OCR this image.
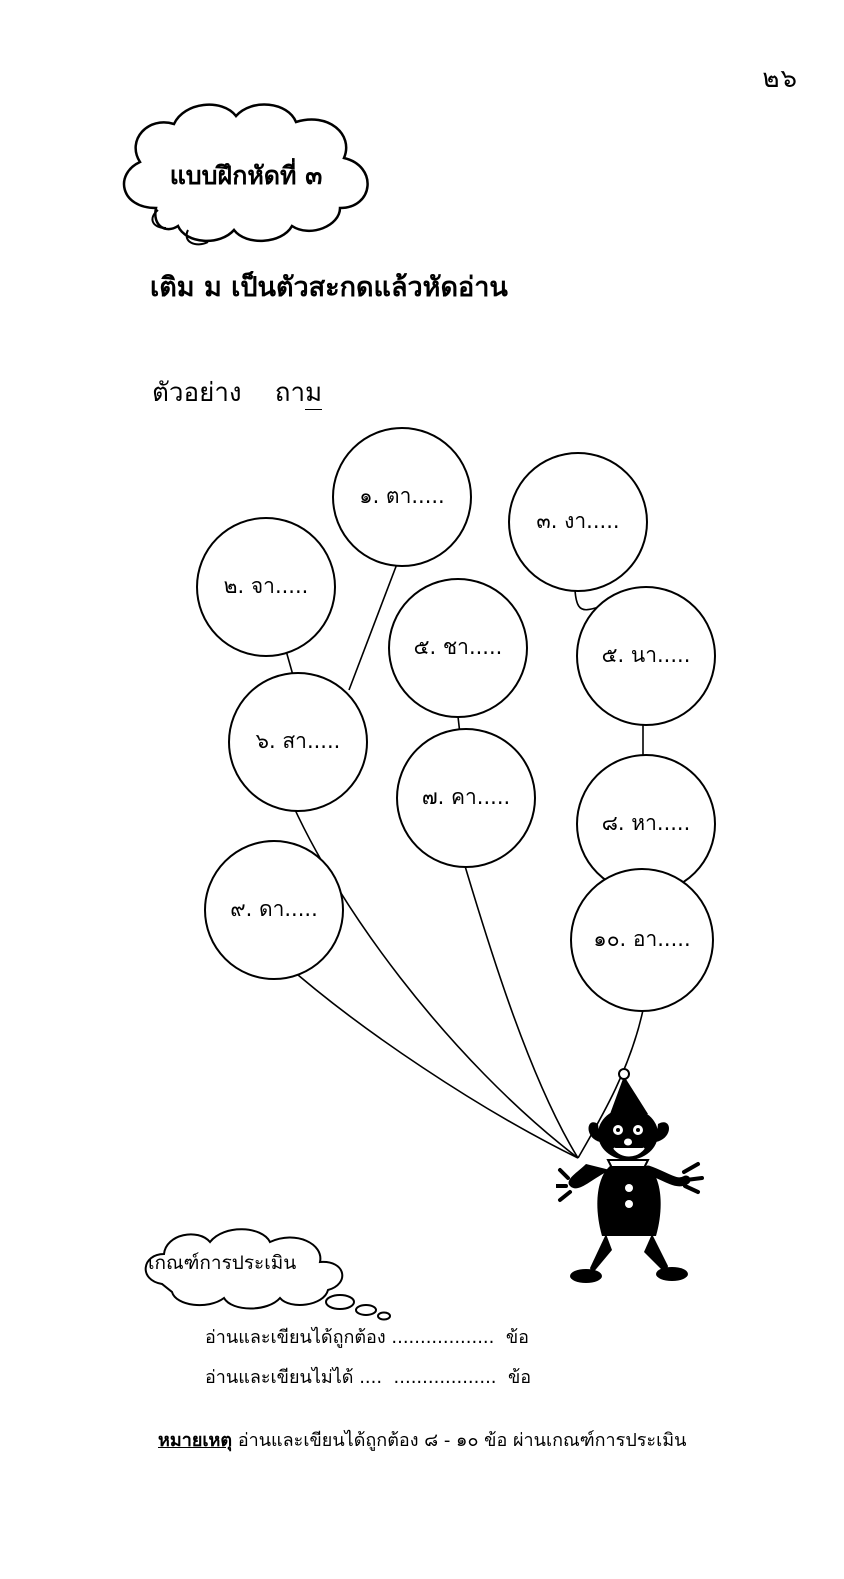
๒๖
แบบฝึกหัดที่ ๓
เติม ม เป็นตัวสะกดแล้วหัดอ่าน
ตัวอย่าง ถาม
๑. ตา.....
๒. จา.....
๓. งา.....
๕. ชา.....	๕. นา.....
๖. สา.....
๗. คา.....
๘. หา.....
๙. ดา.....
๑๐. อา.....
เกณฑ์การประเมิน
อ่านและเขียนได้ถูกต้อง ..................  ข้อ
อ่านและเขียนไม่ได้ ....  ..................  ข้อ
หมายเหตุ อ่านและเขียนได้ถูกต้อง ๘ - ๑๐ ข้อ ผ่านเกณฑ์การประเมิน
